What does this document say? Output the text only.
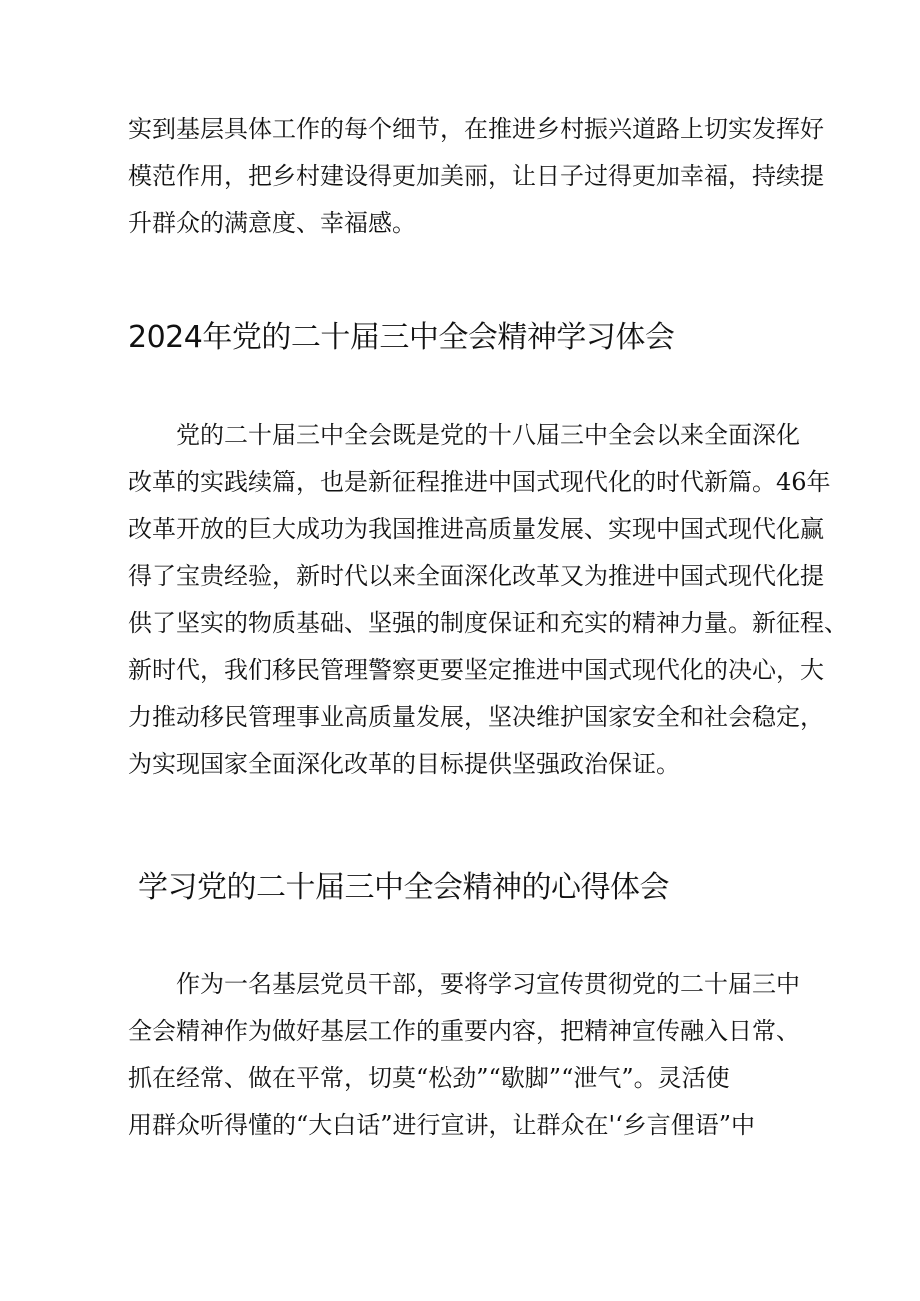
实到基层具体工作的每个细节，在推进乡村振兴道路上切实发挥好
模范作用，把乡村建设得更加美丽，让日子过得更加幸福，持续提
升群众的满意度、幸福感。
2024年党的二十届三中全会精神学习体会
　　党的二十届三中全会既是党的十八届三中全会以来全面深化
改革的实践续篇，也是新征程推进中国式现代化的时代新篇。46年
改革开放的巨大成功为我国推进高质量发展、实现中国式现代化赢
得了宝贵经验，新时代以来全面深化改革又为推进中国式现代化提
供了坚实的物质基础、坚强的制度保证和充实的精神力量。新征程、
新时代，我们移民管理警察更要坚定推进中国式现代化的决心，大
力推动移民管理事业高质量发展，坚决维护国家安全和社会稳定，
为实现国家全面深化改革的目标提供坚强政治保证。
学习党的二十届三中全会精神的心得体会
　　作为一名基层党员干部，要将学习宣传贯彻党的二十届三中
全会精神作为做好基层工作的重要内容，把精神宣传融入日常、
抓在经常、做在平常，切莫“松劲”“歇脚”“泄气”。灵活使
用群众听得懂的“大白话”进行宣讲，让群众在'‘乡言俚语”中
